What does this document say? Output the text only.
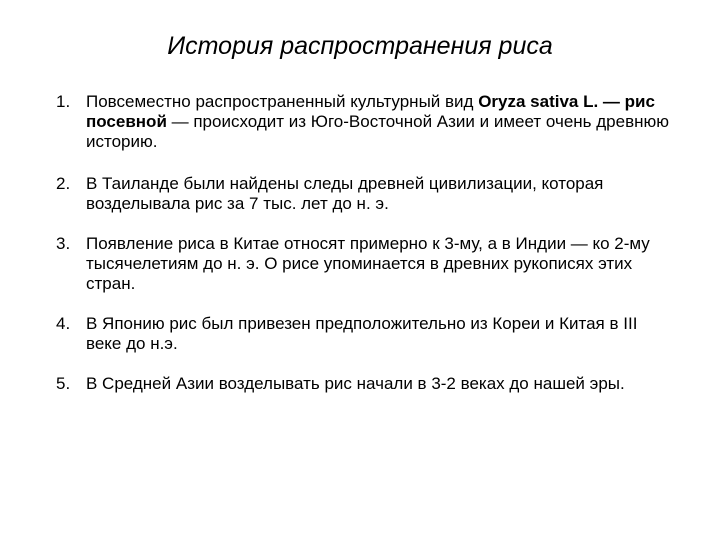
История распространения риса
1. Повсеместно распространенный культурный вид Oryza sativa L. — рис посевной — происходит из Юго-Восточной Азии и имеет очень древнюю историю.
2. В Таиланде были найдены следы древней цивилизации, которая возделывала рис за 7 тыс. лет до н. э.
3. Появление риса в Китае относят примерно к 3-му, а в Индии — ко 2-му тысячелетиям до н. э. О рисе упоминается в древних рукописях этих стран.
4. В Японию рис был привезен предположительно из Кореи и Китая в III веке до н.э.
5. В Средней Азии возделывать рис начали в 3-2 веках до нашей эры.
